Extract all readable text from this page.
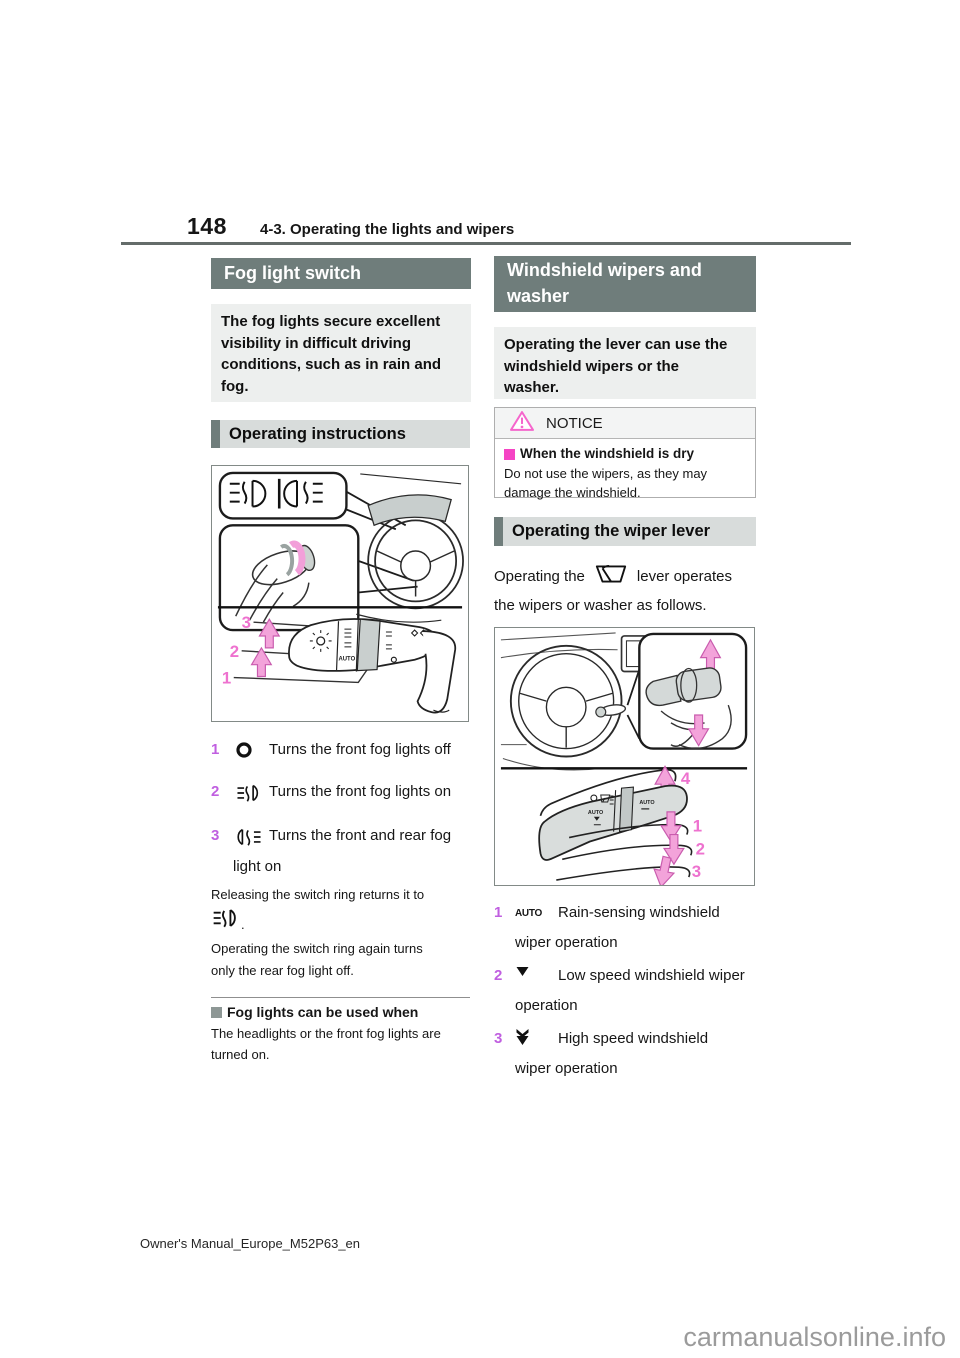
148 4-3. Operating the lights and wipers
Fog light switch
The fog lights secure excellent
visibility in difficult driving
conditions, such as in rain and
fog.
Operating instructions
3
2
1
AUTO
1	Turns the front fog lights off
2	Turns the front fog lights on
3	Turns the front and rear fog
light on
Releasing the switch ring returns it to
.
Operating the switch ring again turns
only the rear fog light off.
Fog lights can be used when
The headlights or the front fog lights are
turned on.
Windshield wipers and
washer
Operating the lever can use the
windshield wipers or the
washer.
NOTICE
When the windshield is dry
Do not use the wipers, as they may
damage the windshield.
Operating the wiper lever
Operating the	lever operates
the wipers or washer as follows.
4
AUTO
AUTO
1
2
3
1	AUTO Rain-sensing windshield
wiper operation
2	Low speed windshield wiper
operation
3	High speed windshield
wiper operation
Owner's Manual_Europe_M52P63_en
carmanualsonline.info
